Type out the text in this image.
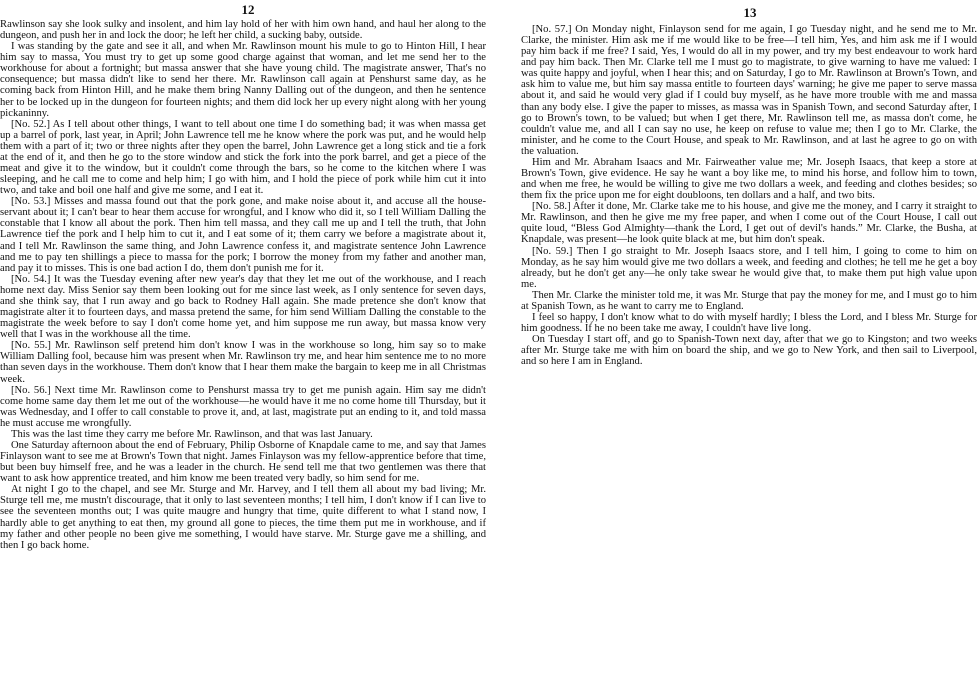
12

Rawlinson say she look sulky and insolent, and him lay hold of her with him own hand, and haul her along to the dungeon, and push her in and lock the door; he left her child, a sucking baby, outside.

I was standing by the gate and see it all, and when Mr. Rawlinson mount his mule to go to Hinton Hill, I hear him say to massa, You must try to get up some good charge against that woman, and let me send her to the workhouse for about a fortnight; but massa answer that she have young child. The magistrate answer, That's no consequence; but massa didn't like to send her there. Mr. Rawlinson call again at Penshurst same day, as he coming back from Hinton Hill, and he make them bring Nanny Dalling out of the dungeon, and then he sentence her to be locked up in the dungeon for fourteen nights; and them did lock her up every night along with her young pickaninny.

[No. 52.] As I tell about other things, I want to tell about one time I do something bad; it was when massa get up a barrel of pork, last year, in April; John Lawrence tell me he know where the pork was put, and he would help them with a part of it; two or three nights after they open the barrel, John Lawrence get a long stick and tie a fork at the end of it, and then he go to the store window and stick the fork into the pork barrel, and get a piece of the meat and give it to the window, but it couldn't come through the bars, so he come to the kitchen where I was sleeping, and he call me to come and help him; I go with him, and I hold the piece of pork while him cut it into two, and take and boil one half and give me some, and I eat it.

[No. 53.] Misses and massa found out that the pork gone, and make noise about it, and accuse all the house-servant about it; I can't bear to hear them accuse for wrongful, and I know who did it, so I tell William Dalling the constable that I know all about the pork. Then him tell massa, and they call me up and I tell the truth, that John Lawrence tief the pork and I help him to cut it, and I eat some of it; them carry we before a magistrate about it, and I tell Mr. Rawlinson the same thing, and John Lawrence confess it, and magistrate sentence John Lawrence and me to pay ten shillings a piece to massa for the pork; I borrow the money from my father and another man, and pay it to misses. This is one bad action I do, them don't punish me for it.

[No. 54.] It was the Tuesday evening after new year's day that they let me out of the workhouse, and I reach home next day. Miss Senior say them been looking out for me since last week, as I only sentence for seven days, and she think say, that I run away and go back to Rodney Hall again. She made pretence she don't know that magistrate alter it to fourteen days, and massa pretend the same, for him send William Dalling the constable to the magistrate the week before to say I don't come home yet, and him suppose me run away, but massa know very well that I was in the workhouse all the time.

[No. 55.] Mr. Rawlinson self pretend him don't know I was in the workhouse so long, him say so to make William Dalling fool, because him was present when Mr. Rawlinson try me, and hear him sentence me to no more than seven days in the workhouse. Them don't know that I hear them make the bargain to keep me in all Christmas week.

[No. 56.] Next time Mr. Rawlinson come to Penshurst massa try to get me punish again. Him say me didn't come home same day them let me out of the workhouse—he would have it me no come home till Thursday, but it was Wednesday, and I offer to call constable to prove it, and, at last, magistrate put an ending to it, and told massa he must accuse me wrongfully.

This was the last time they carry me before Mr. Rawlinson, and that was last January.

One Saturday afternoon about the end of February, Philip Osborne of Knapdale came to me, and say that James Finlayson want to see me at Brown's Town that night. James Finlayson was my fellow-apprentice before that time, but been buy himself free, and he was a leader in the church. He send tell me that two gentlemen was there that want to ask how apprentice treated, and him know me been treated very badly, so him send for me.

At night I go to the chapel, and see Mr. Sturge and Mr. Harvey, and I tell them all about my bad living; Mr. Sturge tell me, me mustn't discourage, that it only to last seventeen months; I tell him, I don't know if I can live to see the seventeen months out; I was quite maugre and hungry that time, quite different to what I stand now, I hardly able to get anything to eat then, my ground all gone to pieces, the time them put me in workhouse, and if my father and other people no been give me something, I would have starve. Mr. Sturge gave me a shilling, and then I go back home.

13

[No. 57.] On Monday night, Finlayson send for me again, I go Tuesday night, and he send me to Mr. Clarke, the minister. Him ask me if me would like to be free—I tell him, Yes, and him ask me if I would pay him back if me free? I said, Yes, I would do all in my power, and try my best endeavour to work hard and pay him back. Then Mr. Clarke tell me I must go to magistrate, to give warning to have me valued: I was quite happy and joyful, when I hear this; and on Saturday, I go to Mr. Rawlinson at Brown's Town, and ask him to value me, but him say massa entitle to fourteen days' warning; he give me paper to serve massa about it, and said he would very glad if I could buy myself, as he have more trouble with me and massa than any body else. I give the paper to misses, as massa was in Spanish Town, and second Saturday after, I go to Brown's town, to be valued; but when I get there, Mr. Rawlinson tell me, as massa don't come, he couldn't value me, and all I can say no use, he keep on refuse to value me; then I go to Mr. Clarke, the minister, and he come to the Court House, and speak to Mr. Rawlinson, and at last he agree to go on with the valuation.

Him and Mr. Abraham Isaacs and Mr. Fairweather value me; Mr. Joseph Isaacs, that keep a store at Brown's Town, give evidence. He say he want a boy like me, to mind his horse, and follow him to town, and when me free, he would be willing to give me two dollars a week, and feeding and clothes besides; so them fix the price upon me for eight doubloons, ten dollars and a half, and two bits.

[No. 58.] After it done, Mr. Clarke take me to his house, and give me the money, and I carry it straight to Mr. Rawlinson, and then he give me my free paper, and when I come out of the Court House, I call out quite loud, “Bless God Almighty—thank the Lord, I get out of devil's hands.” Mr. Clarke, the Busha, at Knapdale, was present—he look quite black at me, but him don't speak.

[No. 59.] Then I go straight to Mr. Joseph Isaacs store, and I tell him, I going to come to him on Monday, as he say him would give me two dollars a week, and feeding and clothes; he tell me he get a boy already, but he don't get any—he only take swear he would give that, to make them put high value upon me.

Then Mr. Clarke the minister told me, it was Mr. Sturge that pay the money for me, and I must go to him at Spanish Town, as he want to carry me to England.

I feel so happy, I don't know what to do with myself hardly; I bless the Lord, and I bless Mr. Sturge for him goodness. If he no been take me away, I couldn't have live long.

On Tuesday I start off, and go to Spanish-Town next day, after that we go to Kingston; and two weeks after Mr. Sturge take me with him on board the ship, and we go to New York, and then sail to Liverpool, and so here I am in England.
